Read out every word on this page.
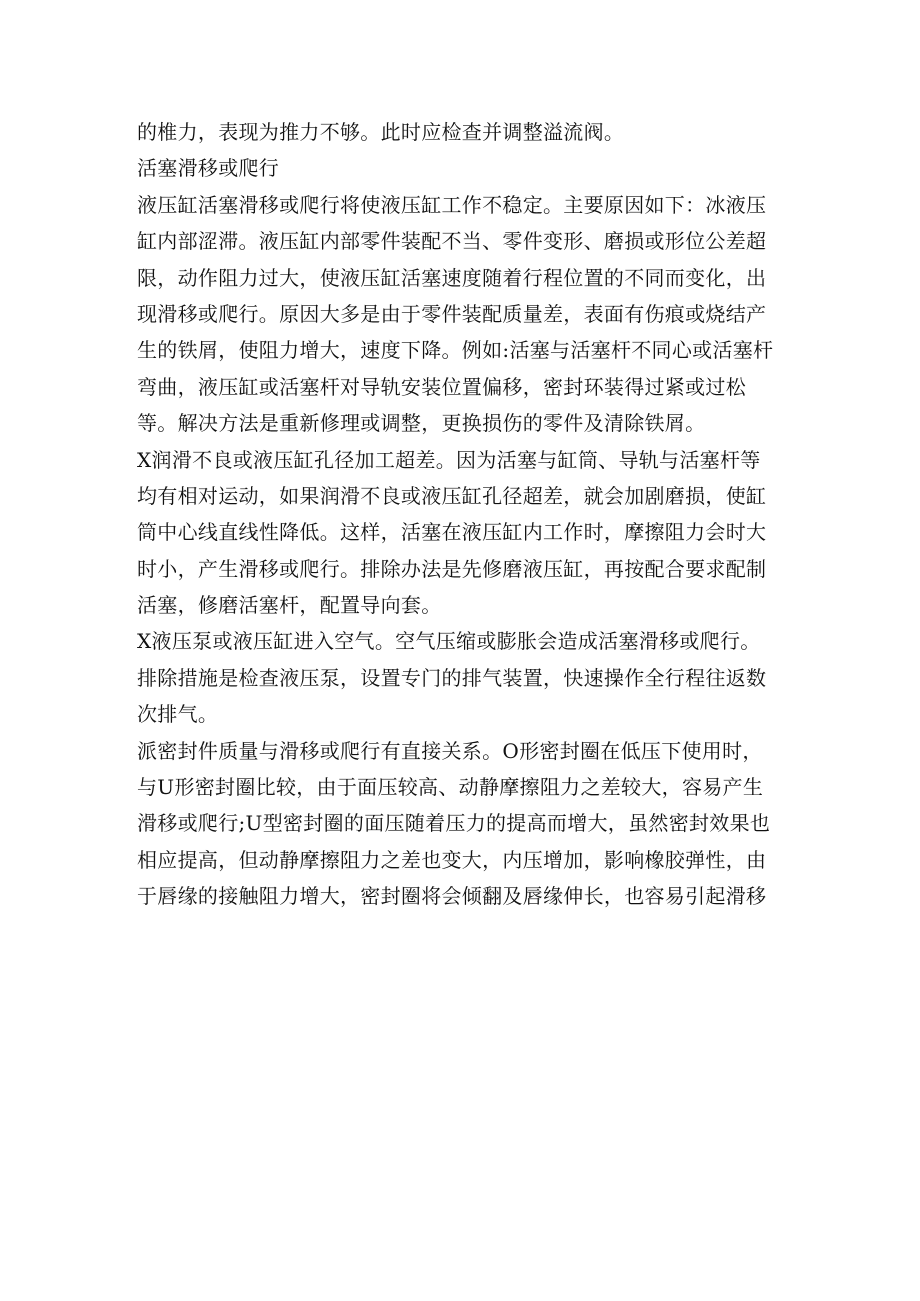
的椎力，表现为推力不够。此时应检查并调整溢流阀。
活塞滑移或爬行
液压缸活塞滑移或爬行将使液压缸工作不稳定。主要原因如下：冰液压
缸内部涩滞。液压缸内部零件装配不当、零件变形、磨损或形位公差超
限，动作阻力过大，使液压缸活塞速度随着行程位置的不同而变化，出
现滑移或爬行。原因大多是由于零件装配质量差，表面有伤痕或烧结产
生的铁屑，使阻力增大，速度下降。例如:活塞与活塞杆不同心或活塞杆
弯曲，液压缸或活塞杆对导轨安装位置偏移，密封环装得过紧或过松
等。解决方法是重新修理或调整，更换损伤的零件及清除铁屑。
X润滑不良或液压缸孔径加工超差。因为活塞与缸筒、导轨与活塞杆等
均有相对运动，如果润滑不良或液压缸孔径超差，就会加剧磨损，使缸
筒中心线直线性降低。这样，活塞在液压缸内工作时，摩擦阻力会时大
时小，产生滑移或爬行。排除办法是先修磨液压缸，再按配合要求配制
活塞，修磨活塞杆，配置导向套。
X液压泵或液压缸进入空气。空气压缩或膨胀会造成活塞滑移或爬行。
排除措施是检查液压泵，设置专门的排气装置，快速操作全行程往返数
次排气。
派密封件质量与滑移或爬行有直接关系。O形密封圈在低压下使用时，
与U形密封圈比较，由于面压较高、动静摩擦阻力之差较大，容易产生
滑移或爬行;U型密封圈的面压随着压力的提高而增大，虽然密封效果也
相应提高，但动静摩擦阻力之差也变大，内压增加，影响橡胶弹性，由
于唇缘的接触阻力增大，密封圈将会倾翻及唇缘伸长，也容易引起滑移
